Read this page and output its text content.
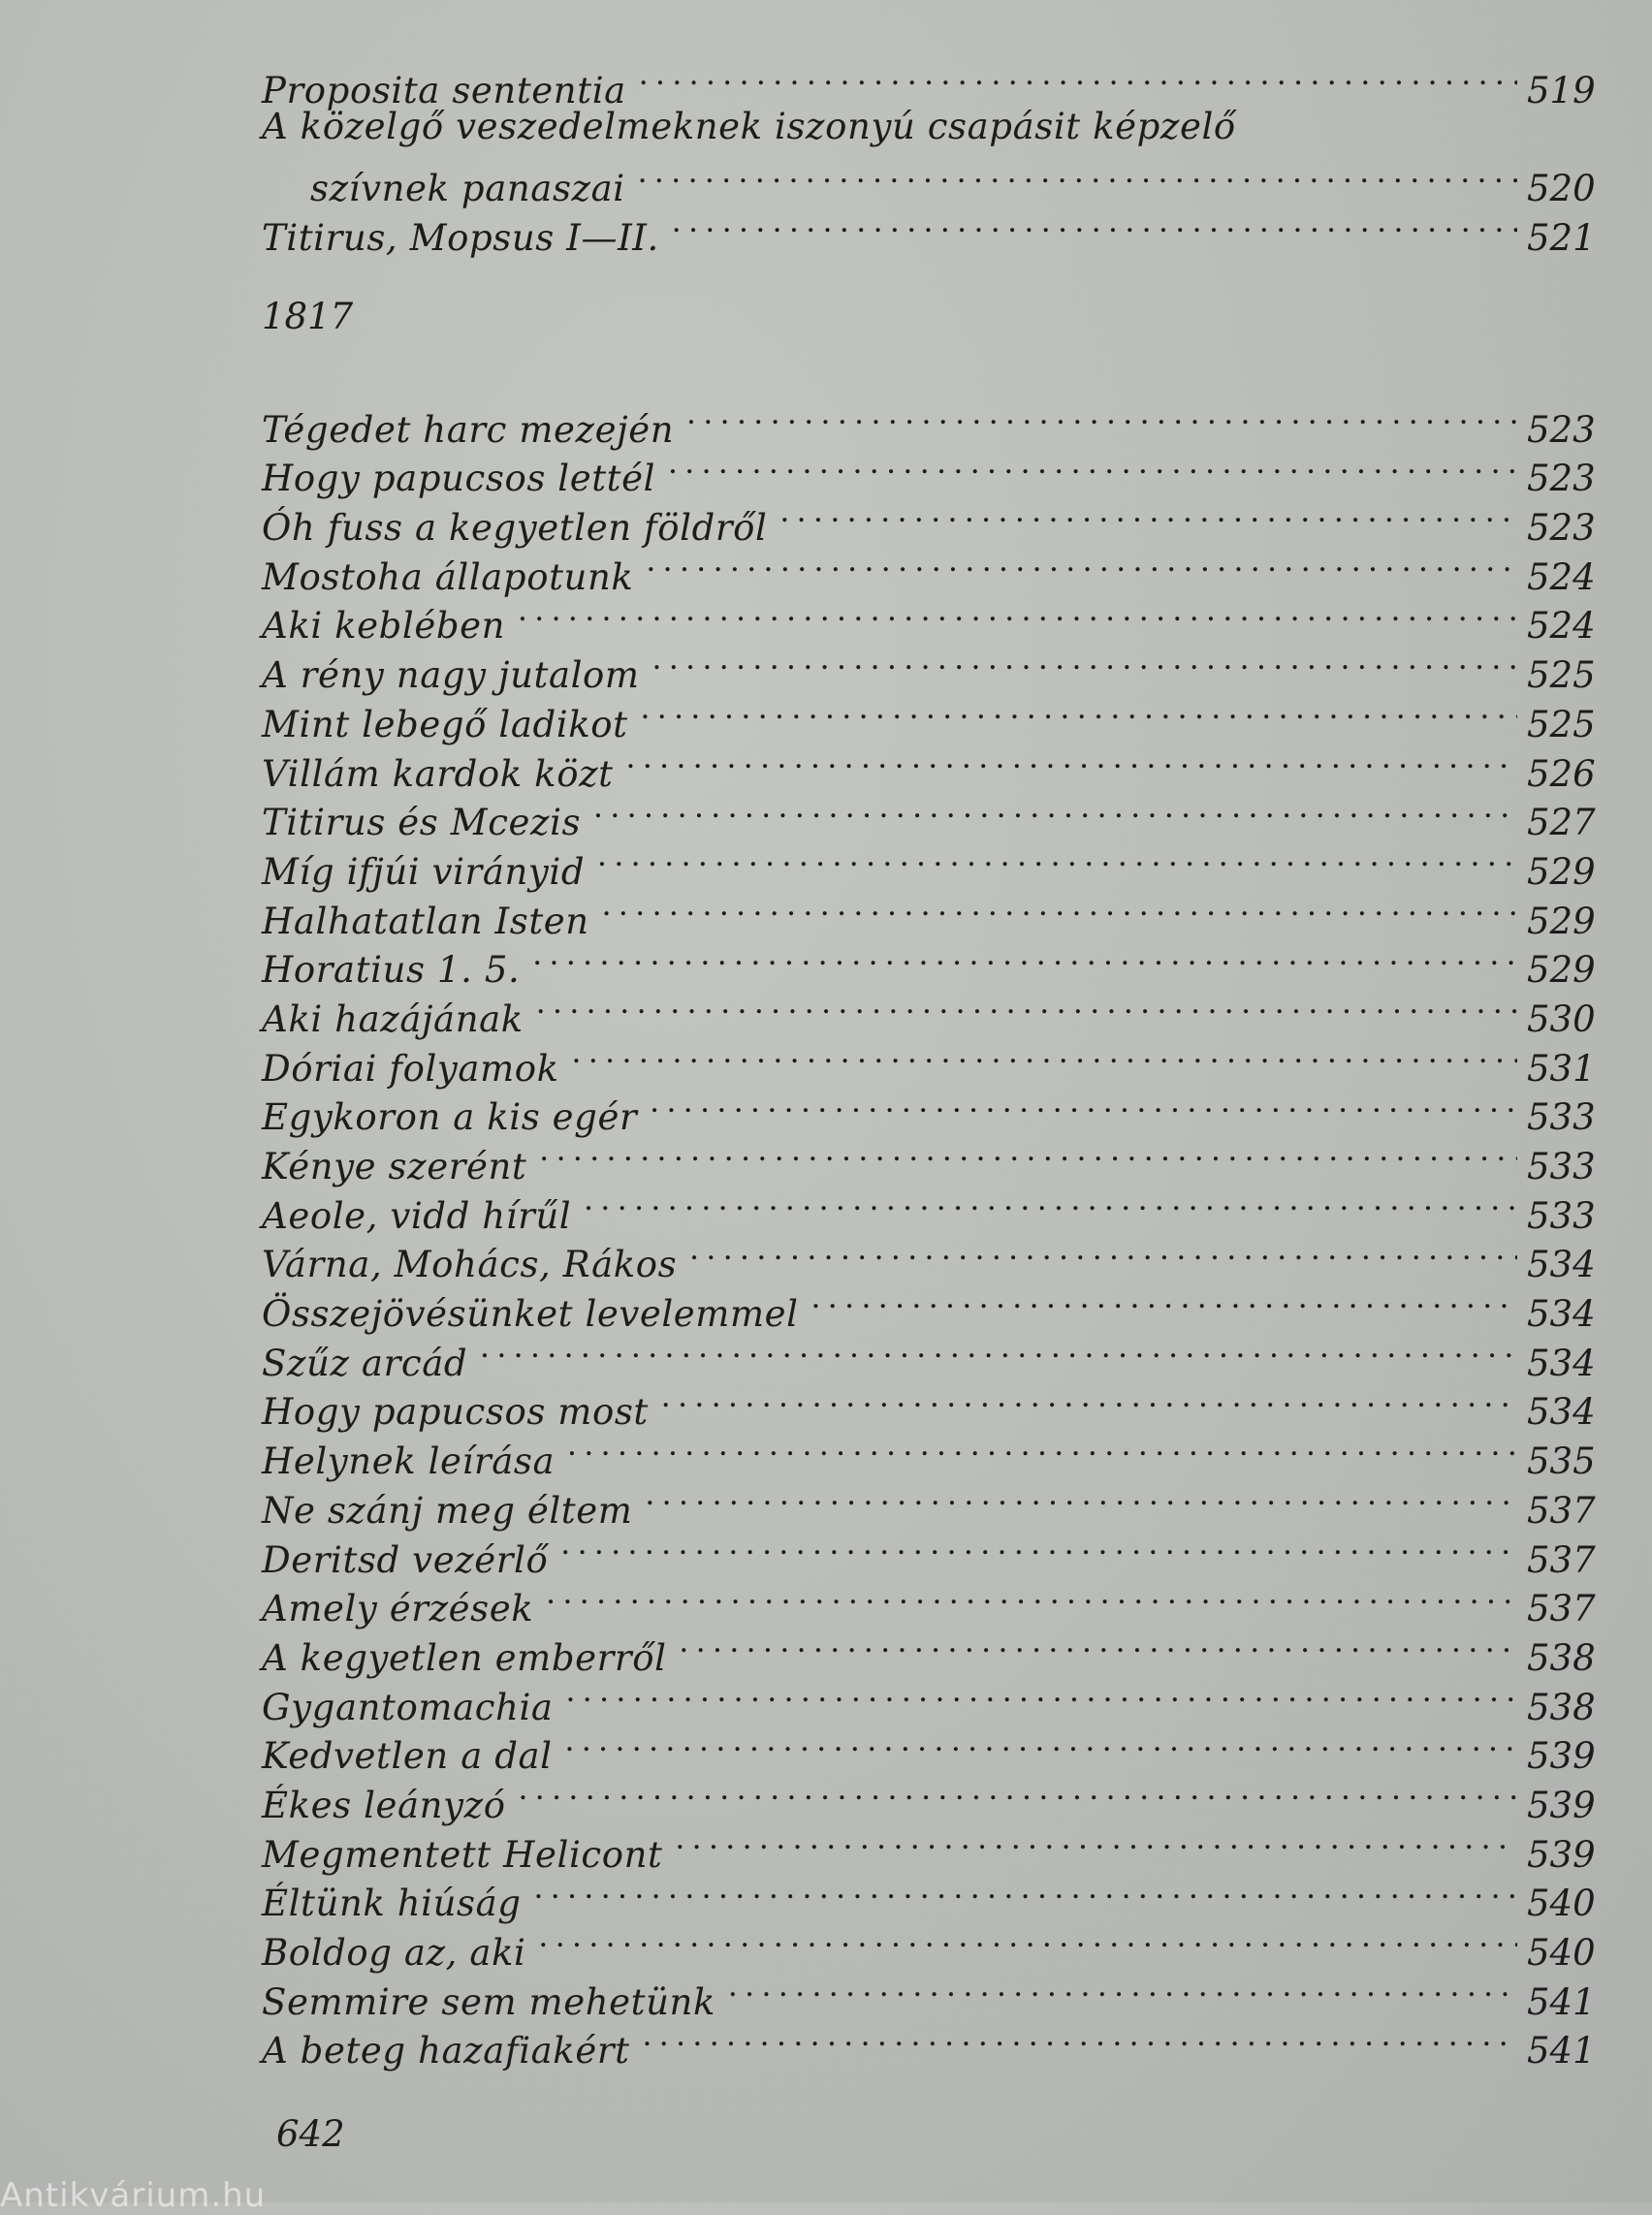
Proposita sententia . . .	519
A közelgő veszedelmeknek iszonyú csapásit képzelő
szívnek panaszai . . .	520
Titirus, Mopsus I—II. . . .	521
1817
Tégedet harc mezején . . .	523
Hogy papucsos lettél . . .	523
Óh fuss a kegyetlen földről . . .	523
Mostoha állapotunk . . .	524
Aki keblében . . .	524
A rény nagy jutalom . . .	525
Mint lebegő ladikot . . .	525
Villám kardok közt . . .	526
Titirus és Mcezis . . .	527
Míg ifjúi virányid . . .	529
Halhatatlan Isten . . .	529
Horatius 1. 5. . . .	529
Aki hazájának . . .	530
Dóriai folyamok . . .	531
Egykoron a kis egér . . .	533
Kénye szerént . . .	533
Aeole, vidd hírűl . . .	533
Várna, Mohács, Rákos . . .	534
Összejövésünket levelemmel . . .	534
Szűz arcád . . .	534
Hogy papucsos most . . .	534
Helynek leírása . . .	535
Ne szánj meg éltem . . .	537
Deritsd vezérlő . . .	537
Amely érzések . . .	537
A kegyetlen emberről . . .	538
Gygantomachia . . .	538
Kedvetlen a dal . . .	539
Ékes leányzó . . .	539
Megmentett Helicont . . .	539
Éltünk hiúság . . .	540
Boldog az, aki . . .	540
Semmire sem mehetünk . . .	541
A beteg hazafiakért . . .	541
642
Antikvárium.hu
